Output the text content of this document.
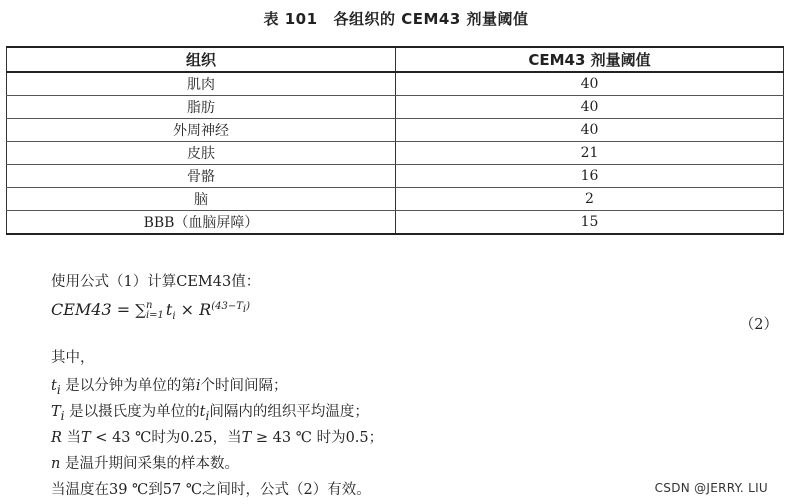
表 101 各组织的 CEM43 剂量阈值
组织	CEM43 剂量阈值
肌肉	40
脂肪	40
外周神经	40
皮肤	21
骨骼	16
脑	2
BBB（血脑屏障）	15
使用公式（1）计算CEM43值：
CEM43 = ∑ n
i=1 $t_i \times R^{(43-T_i)}$
（2）
其中，
$t_i$ 是以分钟为单位的第i个时间间隔；
$T_i$ 是以摄氏度为单位的$t_i$间隔内的组织平均温度；
R 当T < 43 ℃时为0.25，当T ≥ 43 ℃ 时为0.5；
n 是温升期间采集的样本数。
当温度在39 ℃到57 ℃之间时，公式（2）有效。	CSDN @JERRY. LIU
